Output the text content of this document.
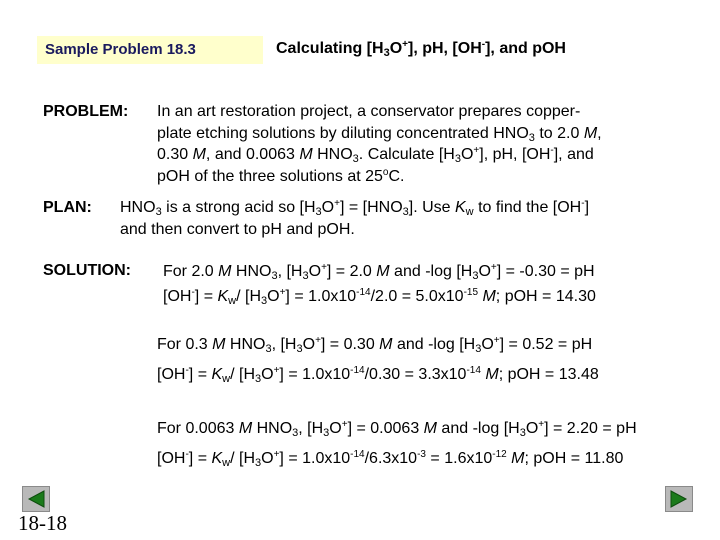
Sample Problem 18.3	Calculating $[H_3O^+]$, pH, [OH-], and pOH
PROBLEM: In an art restoration project, a conservator prepares copper-
plate etching solutions by diluting concentrated $HNO_3$ to 2.0 M,
0.30 M, and 0.0063 M $HNO_3$. Calculate $[H_3O^+]$, pH, [OH-], and
pOH of the three solutions at 25$^o$C.
PLAN: $HNO_3$ is a strong acid so $[H_3O^+] = [HNO_3]$. Use $K_w$ to find the [OH-]
and then convert to pH and pOH.
SOLUTION: For 2.0 M $HNO_3$, $[H_3O^+] = 2.0$ M and -log $[H_3O^+] = -0.30$ = pH
$[OH^-] = K_w/$ $[H_3O^+] = 1.0x10^{-14}/2.0 = 5.0x10^{-15}$ M; pOH = 14.30
For 0.3 M $HNO_3$, $[H_3O^+] = 0.30$ M and -log $[H_3O^+] = 0.52$ = pH
$[OH^-] = K_w/$ $[H_3O^+] = 1.0x10^{-14}/0.30 = 3.3x10^{-14}$ M; pOH = 13.48
For 0.0063 M $HNO_3$, $[H_3O^+] = 0.0063$ M and -log $[H_3O^+] = 2.20$ = pH
$[OH^-] = K_w/$ $[H_3O^+] = 1.0x10^{-14}/6.3x10^{-3} = 1.6x10^{-12}$ M; pOH = 11.80
18-18
